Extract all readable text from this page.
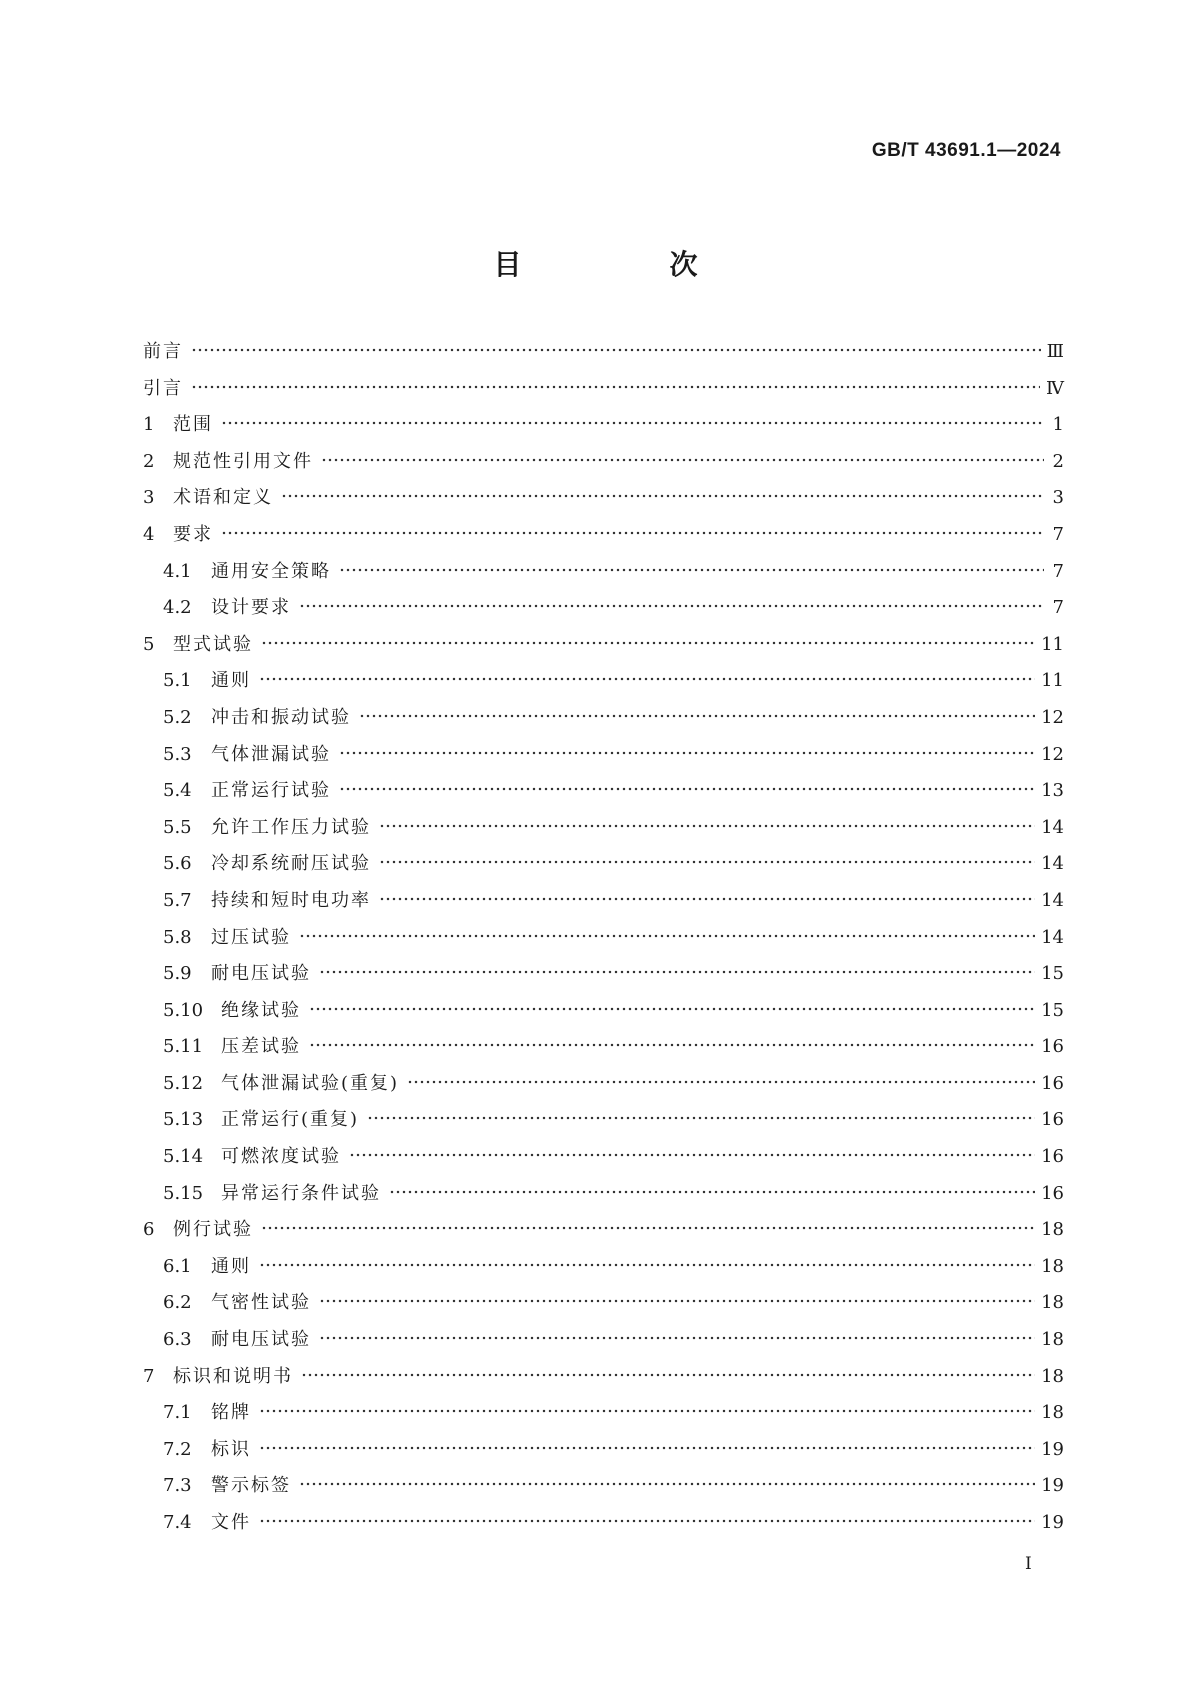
GB/T 43691.1—2024
目　次
前言	Ⅲ
引言	Ⅳ
1	范围	1
2	规范性引用文件	2
3	术语和定义	3
4	要求	7
4.1	通用安全策略	7
4.2	设计要求	7
5	型式试验	11
5.1	通则	11
5.2	冲击和振动试验	12
5.3	气体泄漏试验	12
5.4	正常运行试验	13
5.5	允许工作压力试验	14
5.6	冷却系统耐压试验	14
5.7	持续和短时电功率	14
5.8	过压试验	14
5.9	耐电压试验	15
5.10 绝缘试验	15
5.11 压差试验	16
5.12 气体泄漏试验(重复)	16
5.13 正常运行(重复)	16
5.14 可燃浓度试验	16
5.15 异常运行条件试验	16
6	例行试验	18
6.1	通则	18
6.2	气密性试验	18
6.3	耐电压试验	18
7	标识和说明书	18
7.1	铭牌	18
7.2	标识	19
7.3	警示标签	19
7.4	文件	19
I
